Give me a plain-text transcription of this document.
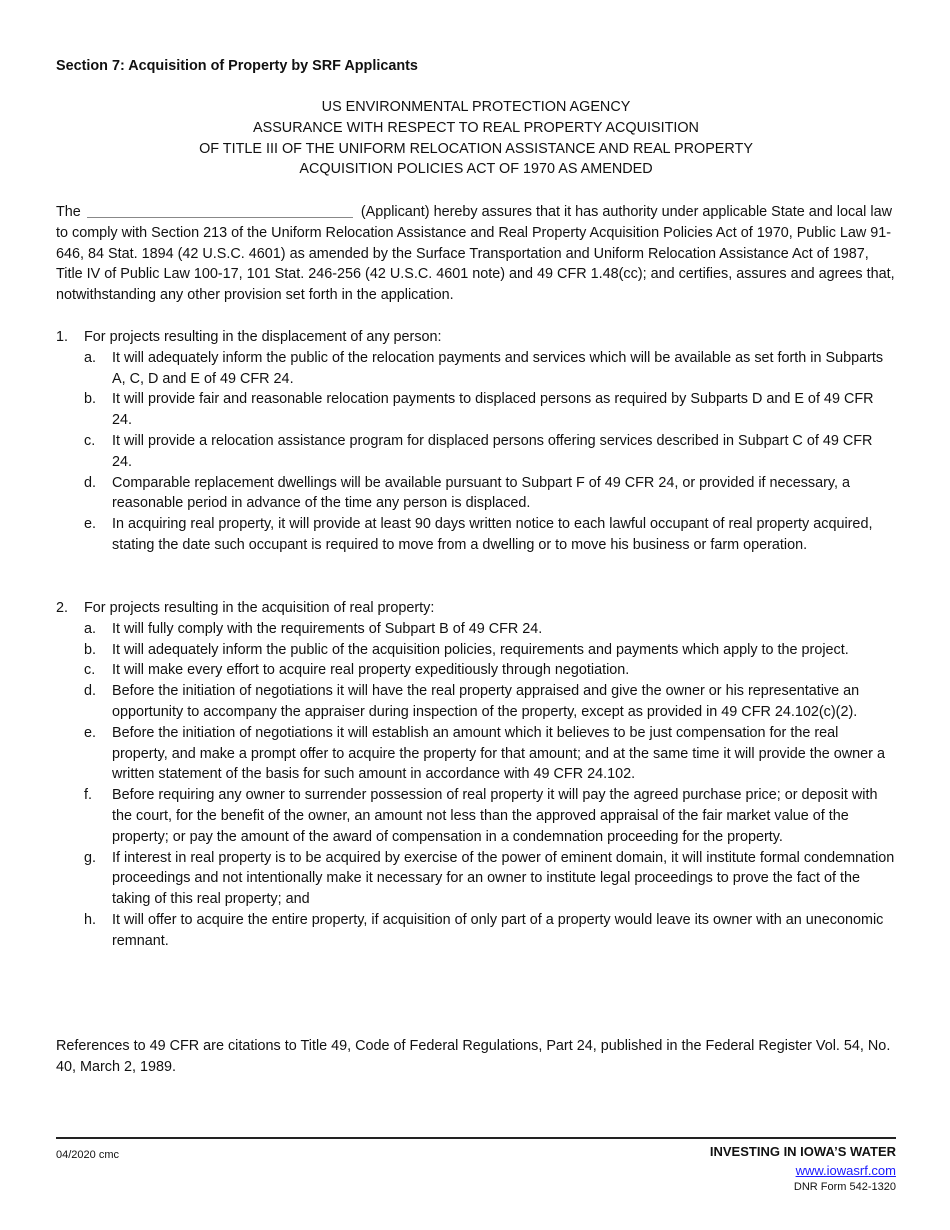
Section 7: Acquisition of Property by SRF Applicants
US ENVIRONMENTAL PROTECTION AGENCY
ASSURANCE WITH RESPECT TO REAL PROPERTY ACQUISITION
OF TITLE III OF THE UNIFORM RELOCATION ASSISTANCE AND REAL PROPERTY
ACQUISITION POLICIES ACT OF 1970 AS AMENDED
The	(Applicant) hereby assures that it has authority under applicable State and local law to comply with Section 213 of the Uniform Relocation Assistance and Real Property Acquisition Policies Act of 1970, Public Law 91-646, 84 Stat. 1894 (42 U.S.C. 4601) as amended by the Surface Transportation and Uniform Relocation Assistance Act of 1987, Title IV of Public Law 100-17, 101 Stat. 246-256 (42 U.S.C. 4601 note) and 49 CFR 1.48(cc); and certifies, assures and agrees that, notwithstanding any other provision set forth in the application.
1. For projects resulting in the displacement of any person:
a. It will adequately inform the public of the relocation payments and services which will be available as set forth in Subparts A, C, D and E of 49 CFR 24.
b. It will provide fair and reasonable relocation payments to displaced persons as required by Subparts D and E of 49 CFR 24.
c. It will provide a relocation assistance program for displaced persons offering services described in Subpart C of 49 CFR 24.
d. Comparable replacement dwellings will be available pursuant to Subpart F of 49 CFR 24, or provided if necessary, a reasonable period in advance of the time any person is displaced.
e. In acquiring real property, it will provide at least 90 days written notice to each lawful occupant of real property acquired, stating the date such occupant is required to move from a dwelling or to move his business or farm operation.
2. For projects resulting in the acquisition of real property:
a. It will fully comply with the requirements of Subpart B of 49 CFR 24.
b. It will adequately inform the public of the acquisition policies, requirements and payments which apply to the project.
c. It will make every effort to acquire real property expeditiously through negotiation.
d. Before the initiation of negotiations it will have the real property appraised and give the owner or his representative an opportunity to accompany the appraiser during inspection of the property, except as provided in 49 CFR 24.102(c)(2).
e. Before the initiation of negotiations it will establish an amount which it believes to be just compensation for the real property, and make a prompt offer to acquire the property for that amount; and at the same time it will provide the owner a written statement of the basis for such amount in accordance with 49 CFR 24.102.
f. Before requiring any owner to surrender possession of real property it will pay the agreed purchase price; or deposit with the court, for the benefit of the owner, an amount not less than the approved appraisal of the fair market value of the property; or pay the amount of the award of compensation in a condemnation proceeding for the property.
g. If interest in real property is to be acquired by exercise of the power of eminent domain, it will institute formal condemnation proceedings and not intentionally make it necessary for an owner to institute legal proceedings to prove the fact of the taking of this real property; and
h. It will offer to acquire the entire property, if acquisition of only part of a property would leave its owner with an uneconomic remnant.
References to 49 CFR are citations to Title 49, Code of Federal Regulations, Part 24, published in the Federal Register Vol. 54, No. 40, March 2, 1989.
04/2020 cmc	INVESTING IN IOWA’S WATER
www.iowasrf.com
DNR Form 542-1320
